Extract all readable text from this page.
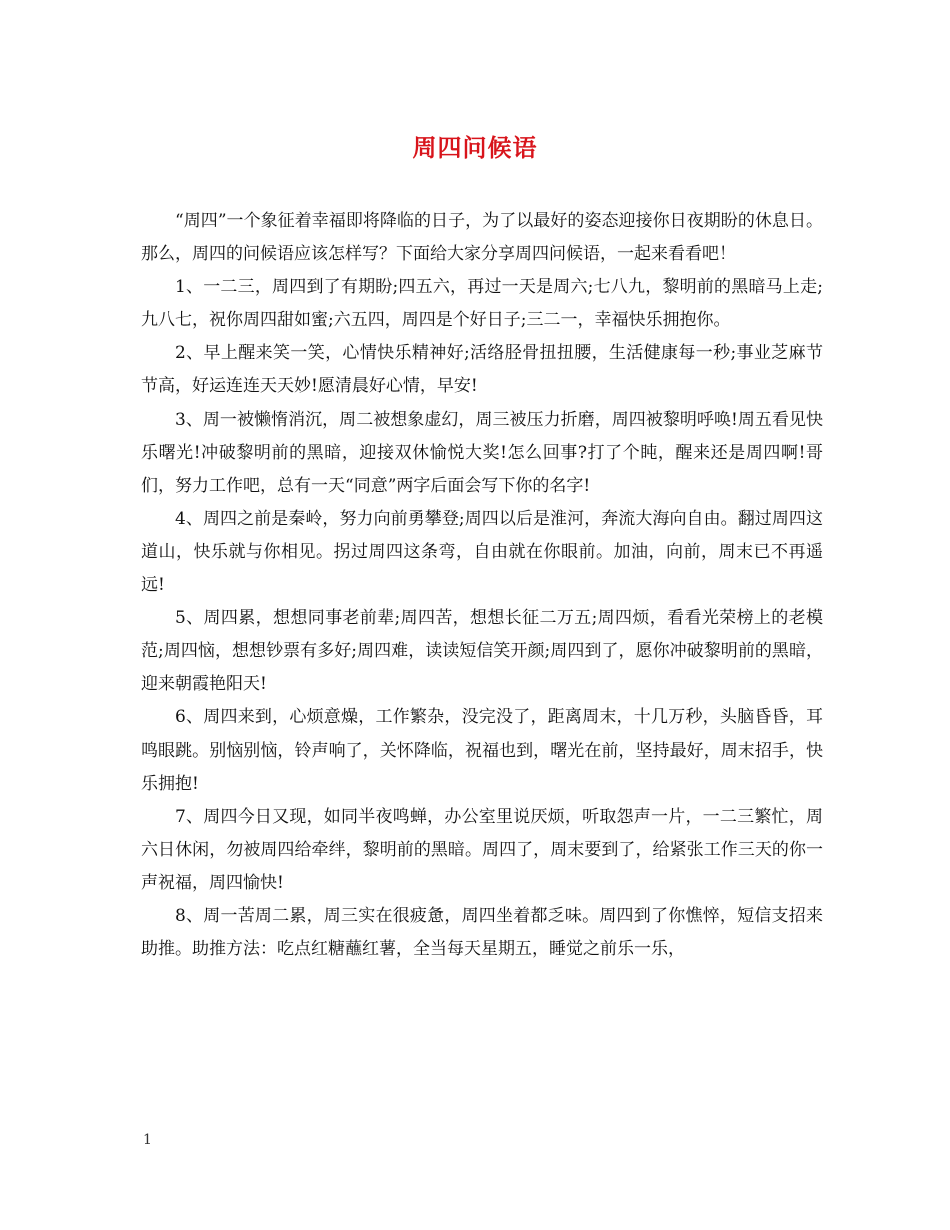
周四问候语

“周四”一个象征着幸福即将降临的日子，为了以最好的姿态迎接你日夜期盼的休息日。那么，周四的问候语应该怎样写？下面给大家分享周四问候语，一起来看看吧！

1、一二三，周四到了有期盼;四五六，再过一天是周六;七八九，黎明前的黑暗马上走;九八七，祝你周四甜如蜜;六五四，周四是个好日子;三二一，幸福快乐拥抱你。

2、早上醒来笑一笑，心情快乐精神好;活络胫骨扭扭腰，生活健康每一秒;事业芝麻节节高，好运连连天天妙!愿清晨好心情，早安!

3、周一被懒惰消沉，周二被想象虚幻，周三被压力折磨，周四被黎明呼唤!周五看见快乐曙光!冲破黎明前的黑暗，迎接双休愉悦大奖!怎么回事?打了个盹，醒来还是周四啊!哥们，努力工作吧，总有一天“同意”两字后面会写下你的名字!

4、周四之前是秦岭，努力向前勇攀登;周四以后是淮河，奔流大海向自由。翻过周四这道山，快乐就与你相见。拐过周四这条弯，自由就在你眼前。加油，向前，周末已不再遥远!

5、周四累，想想同事老前辈;周四苦，想想长征二万五;周四烦，看看光荣榜上的老模范;周四恼，想想钞票有多好;周四难，读读短信笑开颜;周四到了，愿你冲破黎明前的黑暗，迎来朝霞艳阳天!

6、周四来到，心烦意燥，工作繁杂，没完没了，距离周末，十几万秒，头脑昏昏，耳鸣眼跳。别恼别恼，铃声响了，关怀降临，祝福也到，曙光在前，坚持最好，周末招手，快乐拥抱!

7、周四今日又现，如同半夜鸣蝉，办公室里说厌烦，听取怨声一片，一二三繁忙，周六日休闲，勿被周四给牵绊，黎明前的黑暗。周四了，周末要到了，给紧张工作三天的你一声祝福，周四愉快!

8、周一苦周二累，周三实在很疲惫，周四坐着都乏味。周四到了你憔悴，短信支招来助推。助推方法：吃点红糖蘸红薯，全当每天星期五，睡觉之前乐一乐，

1
